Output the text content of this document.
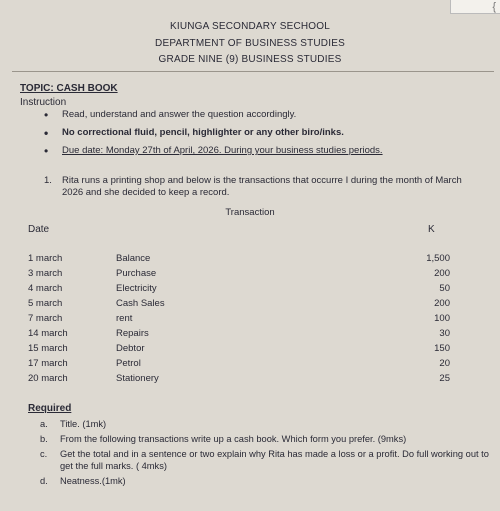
{
KIUNGA SECONDARY SECHOOL
DEPARTMENT OF BUSINESS STUDIES
GRADE NINE (9) BUSINESS STUDIES
TOPIC: CASH BOOK
Instruction
• Read, understand and answer the question accordingly.
• No correctional fluid, pencil, highlighter or any other biro/inks.
• Due date: Monday 27th of April, 2026. During your business studies periods.
1. Rita runs a printing shop and below is the transactions that occurre I during the month of March 2026 and she decided to keep a record.
Transaction
Date	K
1 march	Balance	1,500
3 march	Purchase	200
4 march	Electricity	50
5 march	Cash Sales	200
7 march	rent	100
14 march	Repairs	30
15 march	Debtor	150
17 march	Petrol	20
20 march	Stationery	25
Required
a. Title. (1mk)
b. From the following transactions write up a cash book. Which form you prefer. (9mks)
c. Get the total and in a sentence or two explain why Rita has made a loss or a profit. Do full working out to get the full marks. ( 4mks)
d. Neatness.(1mk)
